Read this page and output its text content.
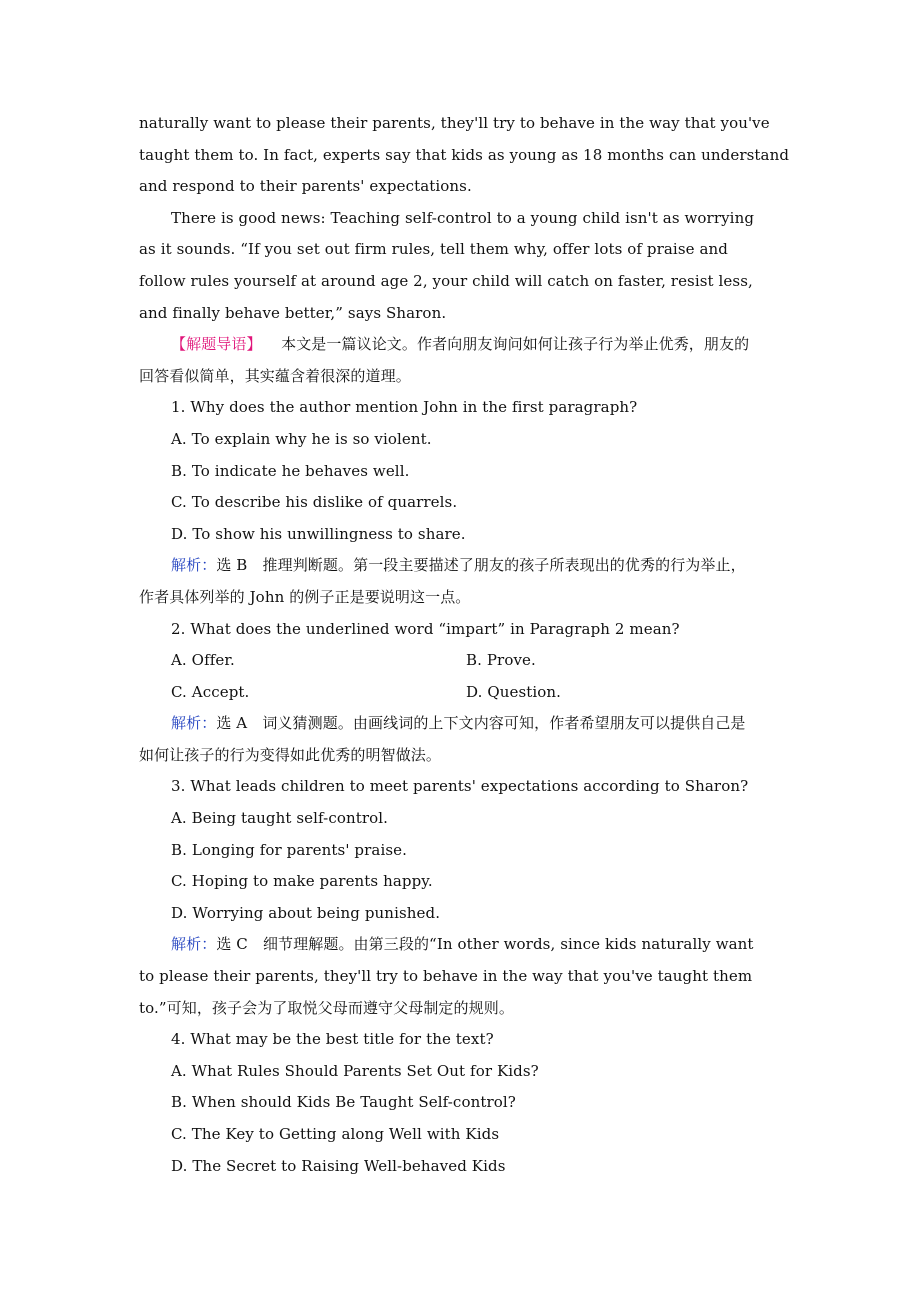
naturally want to please their parents, they'll try to behave in the way that you've
taught them to. In fact, experts say that kids as young as 18 months can understand
and respond to their parents' expectations.
There is good news: Teaching self-control to a young child isn't as worrying
as it sounds. “If you set out firm rules, tell them why, offer lots of praise and
follow rules yourself at around age 2, your child will catch on faster, resist less,
and finally behave better,” says Sharon.
【解题导语】 本文是一篇议论文。作者向朋友询问如何让孩子行为举止优秀，朋友的
回答看似简单，其实蕴含着很深的道理。
1. Why does the author mention John in the first paragraph?
A. To explain why he is so violent.
B. To indicate he behaves well.
C. To describe his dislike of quarrels.
D. To show his unwillingness to share.
解析：选 B　推理判断题。第一段主要描述了朋友的孩子所表现出的优秀的行为举止，
作者具体列举的 John 的例子正是要说明这一点。
2. What does the underlined word “impart” in Paragraph 2 mean?
A. Offer.	B. Prove.
C. Accept.	D. Question.
解析：选 A　词义猜测题。由画线词的上下文内容可知，作者希望朋友可以提供自己是
如何让孩子的行为变得如此优秀的明智做法。
3. What leads children to meet parents' expectations according to Sharon?
A. Being taught self-control.
B. Longing for parents' praise.
C. Hoping to make parents happy.
D. Worrying about being punished.
解析：选 C　细节理解题。由第三段的“In other words, since kids naturally want
to please their parents, they'll try to behave in the way that you've taught them
to.”可知，孩子会为了取悦父母而遵守父母制定的规则。
4. What may be the best title for the text?
A. What Rules Should Parents Set Out for Kids?
B. When should Kids Be Taught Self-control?
C. The Key to Getting along Well with Kids
D. The Secret to Raising Well-behaved Kids
